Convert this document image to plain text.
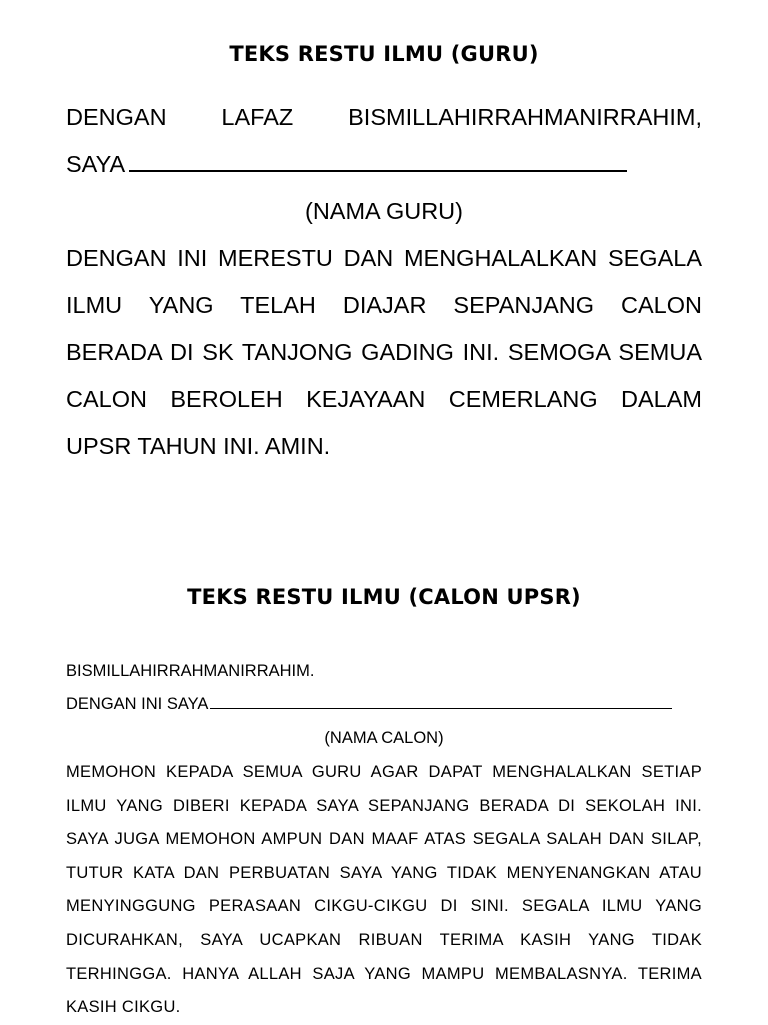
TEKS RESTU ILMU (GURU)
DENGAN LAFAZ BISMILLAHIRRAHMANIRRAHIM,
SAYA
(NAMA GURU)
DENGAN INI MERESTU DAN MENGHALALKAN SEGALA ILMU YANG TELAH DIAJAR SEPANJANG CALON BERADA DI SK TANJONG GADING INI. SEMOGA SEMUA CALON BEROLEH KEJAYAAN CEMERLANG DALAM UPSR TAHUN INI. AMIN.
TEKS RESTU ILMU (CALON UPSR)
BISMILLAHIRRAHMANIRRAHIM.
DENGAN INI SAYA
(NAMA CALON)
MEMOHON KEPADA SEMUA GURU AGAR DAPAT MENGHALALKAN SETIAP ILMU YANG DIBERI KEPADA SAYA SEPANJANG BERADA DI SEKOLAH INI. SAYA JUGA MEMOHON AMPUN DAN MAAF ATAS SEGALA SALAH DAN SILAP, TUTUR KATA DAN PERBUATAN SAYA YANG TIDAK MENYENANGKAN ATAU MENYINGGUNG PERASAAN CIKGU-CIKGU DI SINI. SEGALA ILMU YANG DICURAHKAN, SAYA UCAPKAN RIBUAN TERIMA KASIH YANG TIDAK TERHINGGA. HANYA ALLAH SAJA YANG MAMPU MEMBALASNYA. TERIMA KASIH CIKGU.
